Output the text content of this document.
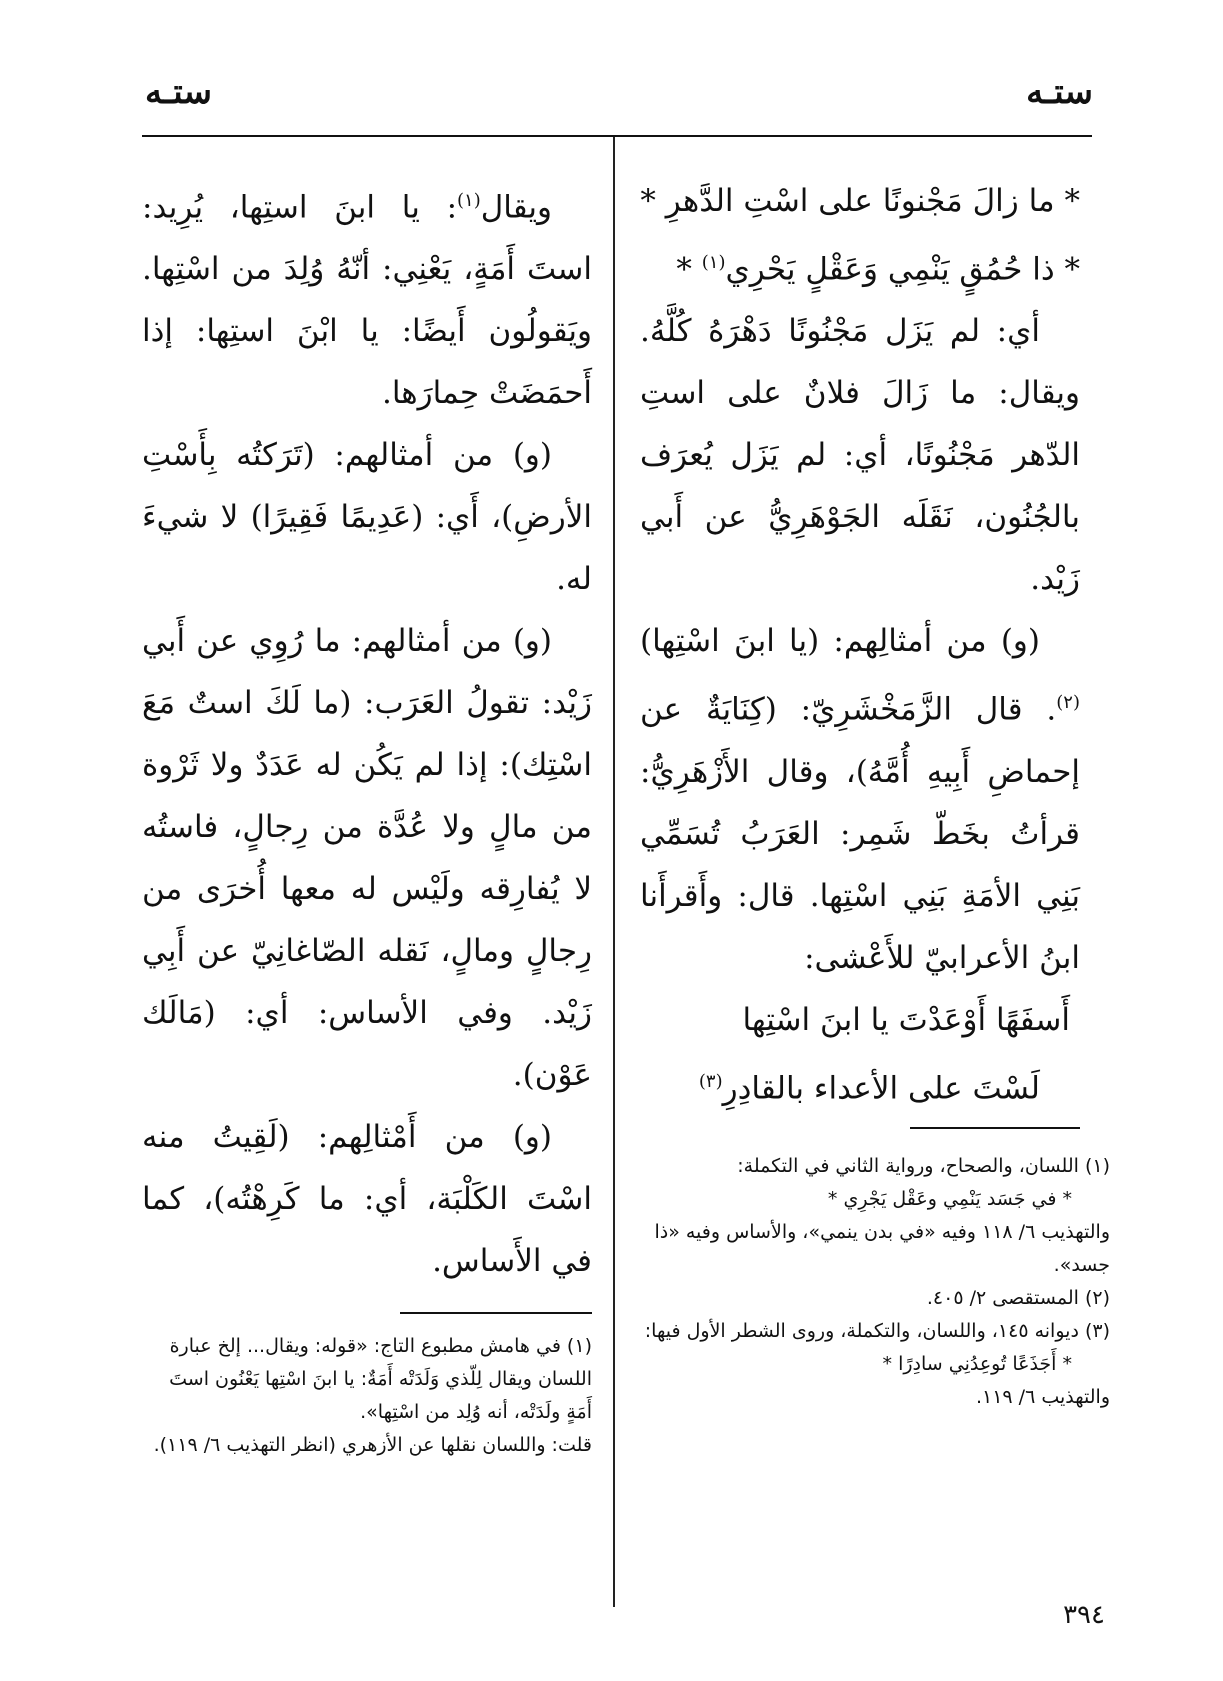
ستـه
ستـه

* ما زالَ مَجْنونًا على اسْتِ الدَّهرِ *

* ذا حُمُقٍ يَنْمِي وَعَقْلٍ يَحْرِي$^{(١)}$ *

أي: لم يَزَل مَجْنُونًا دَهْرَهُ كُلَّهُ. ويقال: ما زَالَ فلانٌ على استِ الدّهر مَجْنُونًا، أي: لم يَزَل يُعرَف بالجُنُون، نَقَلَه الجَوْهَرِيُّ عن أَبي زَيْد.

(و) من أمثالِهم: (يا ابنَ اسْتِها)$^{(٢)}$. قال الزَّمَخْشَرِيّ: (كِنَايَةٌ عن إحماضِ أَبِيهِ أُمَّهُ)، وقال الأَزْهَرِيُّ: قرأتُ بخَطّ شَمِر: العَرَبُ تُسَمِّي بَنِي الأمَةِ بَنِي اسْتِها. قال: وأَقرأَنا ابنُ الأعرابيّ للأَعْشى:

أَسفَهًا أَوْعَدْتَ يا ابنَ اسْتِها

لَسْتَ على الأعداء بالقادِرِ$^{(٣)}$

ويقال$^{(١)}$: يا ابنَ استِها، يُرِيد: استَ أَمَةٍ، يَعْنِي: أنّهُ وُلِدَ من اسْتِها. ويَقولُون أَيضًا: يا ابْنَ استِها: إذا أَحمَضَتْ حِمارَها.

(و) من أمثالهم: (تَرَكتُه بِأَسْتِ الأرضِ)، أَي: (عَدِيمًا فَقِيرًا) لا شيءَ له.

(و) من أمثالهم: ما رُوِي عن أَبي زَيْد: تقولُ العَرَب: (ما لَكَ استٌ مَعَ اسْتِك): إذا لم يَكُن له عَدَدٌ ولا ثَرْوة من مالٍ ولا عُدَّة من رِجالٍ، فاستُه لا يُفارِقه ولَيْس له معها أُخرَى من رِجالٍ ومالٍ، نَقله الصّاغانِيّ عن أَبِي زَيْد. وفي الأساس: أي: (مَالَك عَوْن).

(و) من أَمْثالِهم: (لَقِيتُ منه اسْتَ الكَلْبَة، أي: ما كَرِهْتُه)، كما في الأَساس.

(١) اللسان، والصحاح، ورواية الثاني في التكملة:

* في جَسَد يَنْمِي وعَقْل يَجْرِي *

والتهذيب ٦/ ١١٨ وفيه «في بدن ينمي»، والأساس وفيه «ذا جسد».

(٢) المستقصى ٢/ ٤٠٥.

(٣) ديوانه ١٤٥، واللسان، والتكملة، وروى الشطر الأول فيها:

* أَجَذَعًا تُوعِدُنِي سادِرًا *

والتهذيب ٦/ ١١٩.

(١) في هامش مطبوع التاج: «قوله: ويقال... إلخ عبارة اللسان ويقال لِلّذي وَلَدَتْه أَمَةٌ: يا ابنَ اسْتِها يَعْنُون استَ أَمَةٍ ولَدَتْه، أنه وُلِد من اسْتِها».

قلت: واللسان نقلها عن الأزهري (انظر التهذيب ٦/ ١١٩).

٣٩٤
